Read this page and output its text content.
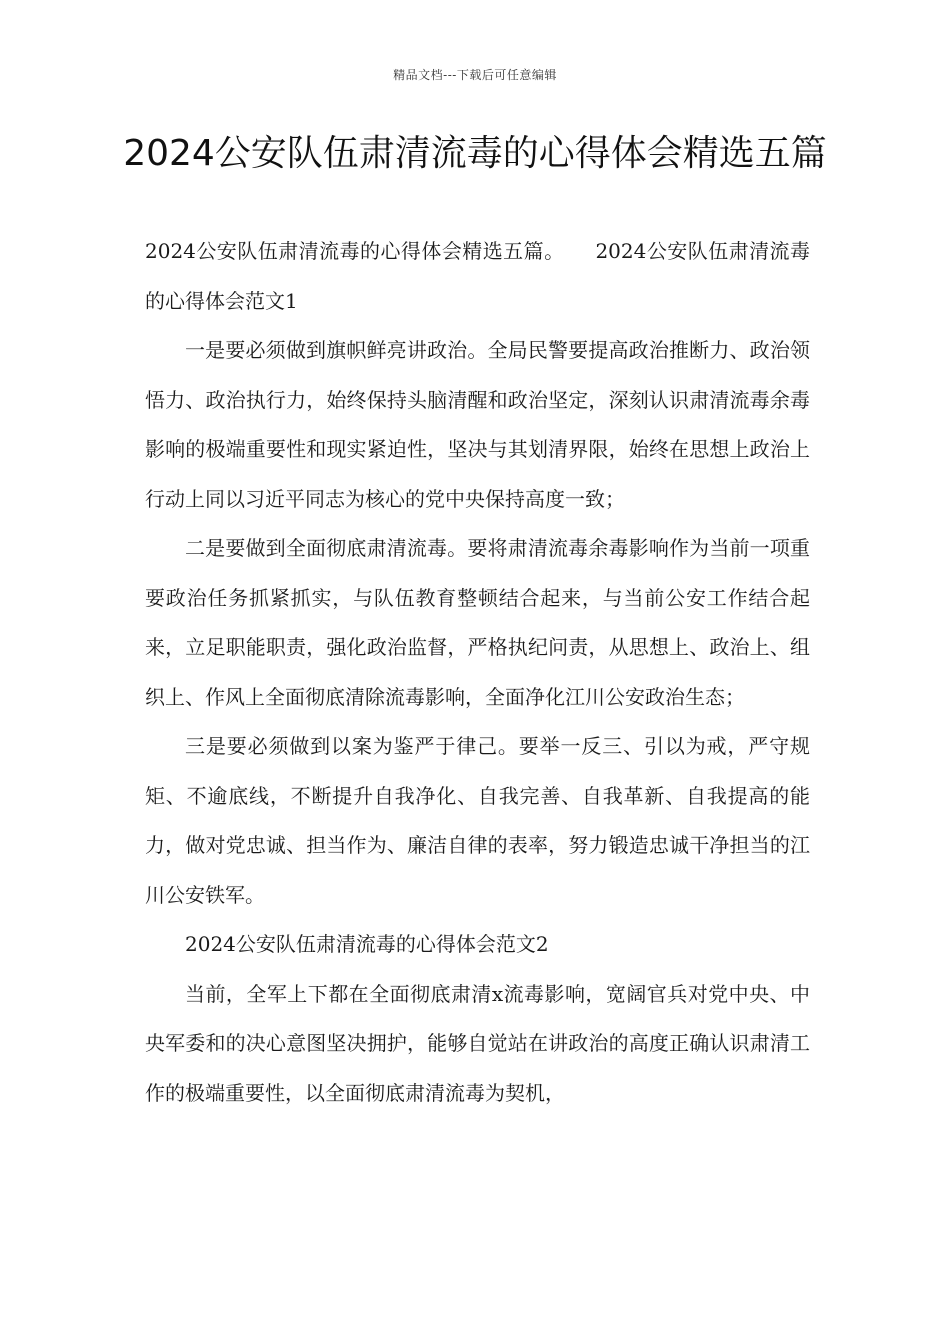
精品文档---下载后可任意编辑
2024公安队伍肃清流毒的心得体会精选五篇

2024公安队伍肃清流毒的心得体会精选五篇。　　2024公安队伍肃清流毒的心得体会范文1

一是要必须做到旗帜鲜亮讲政治。全局民警要提高政治推断力、政治领悟力、政治执行力，始终保持头脑清醒和政治坚定，深刻认识肃清流毒余毒影响的极端重要性和现实紧迫性，坚决与其划清界限，始终在思想上政治上行动上同以习近平同志为核心的党中央保持高度一致；

二是要做到全面彻底肃清流毒。要将肃清流毒余毒影响作为当前一项重要政治任务抓紧抓实，与队伍教育整顿结合起来，与当前公安工作结合起来，立足职能职责，强化政治监督，严格执纪问责，从思想上、政治上、组织上、作风上全面彻底清除流毒影响，全面净化江川公安政治生态；

三是要必须做到以案为鉴严于律己。要举一反三、引以为戒，严守规矩、不逾底线，不断提升自我净化、自我完善、自我革新、自我提高的能力，做对党忠诚、担当作为、廉洁自律的表率，努力锻造忠诚干净担当的江川公安铁军。

2024公安队伍肃清流毒的心得体会范文2

当前，全军上下都在全面彻底肃清x流毒影响，宽阔官兵对党中央、中央军委和的决心意图坚决拥护，能够自觉站在讲政治的高度正确认识肃清工作的极端重要性，以全面彻底肃清流毒为契机，
